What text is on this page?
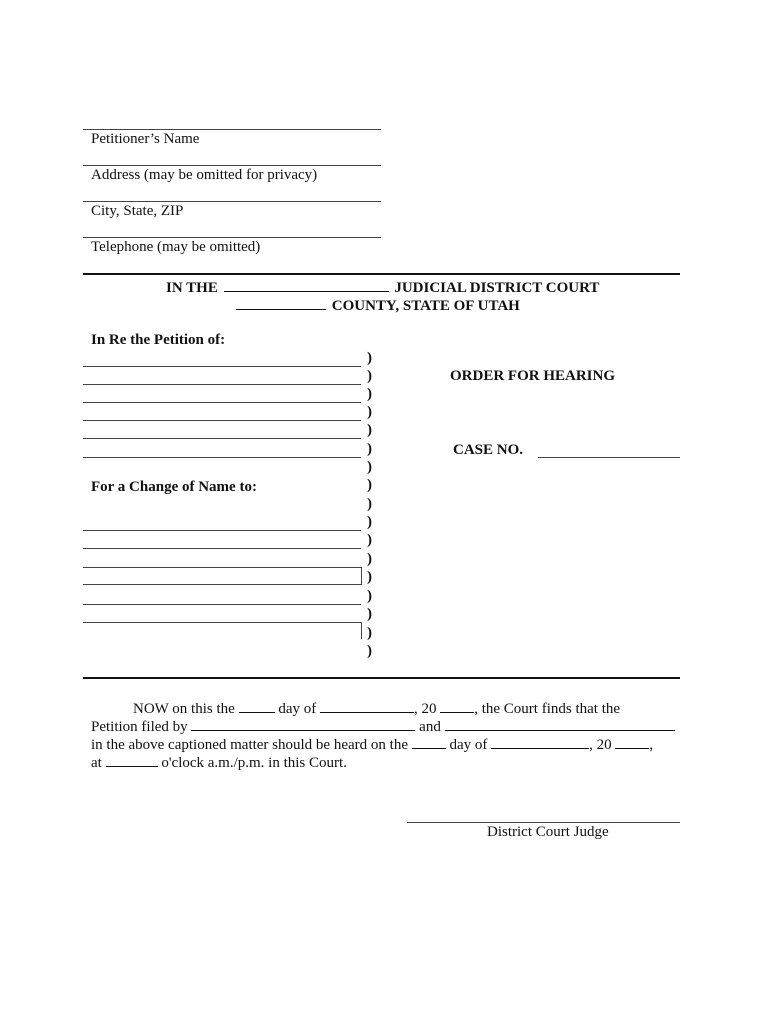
Petitioner’s Name
Address (may be omitted for privacy)
City, State, ZIP
Telephone (may be omitted)
IN THE	JUDICIAL DISTRICT COURT
COUNTY, STATE OF UTAH
In Re the Petition of:
For a Change of Name to:
)
)
)
)
)
)
)
)
)
)
)
)
)
)
)
)
)
ORDER FOR HEARING
CASE NO.
NOW on this the	day of	, 20	, the Court finds that the
Petition filed by	and
in the above captioned matter should be heard on the	day of	, 20	,
at	o'clock a.m./p.m. in this Court.
District Court Judge
